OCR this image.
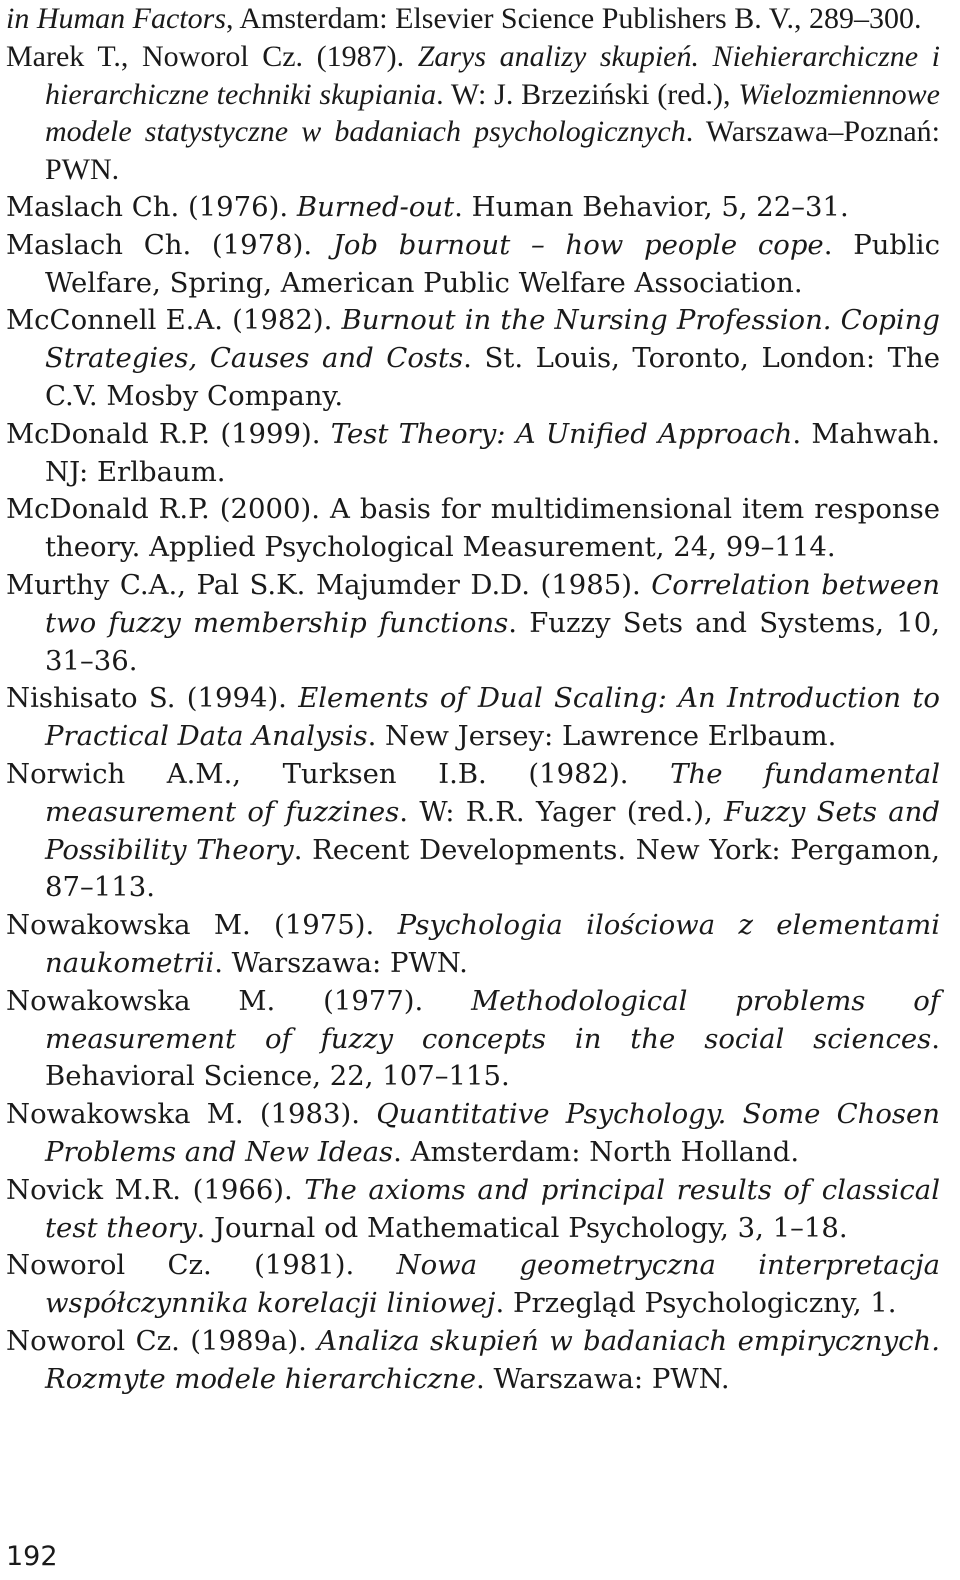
in Human Factors, Amsterdam: Elsevier Science Publishers B. V., 289–300.

Marek T., Noworol Cz. (1987). Zarys analizy skupień. Niehierarchiczne i hierarchiczne techniki skupiania. W: J. Brzeziński (red.), Wielozmiennowe modele statystyczne w badaniach psychologicznych. Warszawa–Poznań: PWN.

Maslach Ch. (1976). Burned-out. Human Behavior, 5, 22–31.

Maslach Ch. (1978). Job burnout – how people cope. Public Welfare, Spring, American Public Welfare Association.

McConnell E.A. (1982). Burnout in the Nursing Profession. Coping Strategies, Causes and Costs. St. Louis, Toronto, London: The C.V. Mosby Company.

McDonald R.P. (1999). Test Theory: A Unified Approach. Mahwah. NJ: Erlbaum.

McDonald R.P. (2000). A basis for multidimensional item response theory. Applied Psychological Measurement, 24, 99–114.

Murthy C.A., Pal S.K. Majumder D.D. (1985). Correlation between two fuzzy membership functions. Fuzzy Sets and Systems, 10, 31–36.

Nishisato S. (1994). Elements of Dual Scaling: An Introduction to Practical Data Analysis. New Jersey: Lawrence Erlbaum.

Norwich A.M., Turksen I.B. (1982). The fundamental measurement of fuzzines. W: R.R. Yager (red.), Fuzzy Sets and Possibility Theory. Recent Developments. New York: Pergamon, 87–113.

Nowakowska M. (1975). Psychologia ilościowa z elementami naukometrii. Warszawa: PWN.

Nowakowska M. (1977). Methodological problems of measurement of fuzzy concepts in the social sciences. Behavioral Science, 22, 107–115.

Nowakowska M. (1983). Quantitative Psychology. Some Chosen Problems and New Ideas. Amsterdam: North Holland.

Novick M.R. (1966). The axioms and principal results of classical test theory. Journal od Mathematical Psychology, 3, 1–18.

Noworol Cz. (1981). Nowa geometryczna interpretacja współczynnika korelacji liniowej. Przegląd Psychologiczny, 1.

Noworol Cz. (1989a). Analiza skupień w badaniach empirycznych. Rozmyte modele hierarchiczne. Warszawa: PWN.

192
